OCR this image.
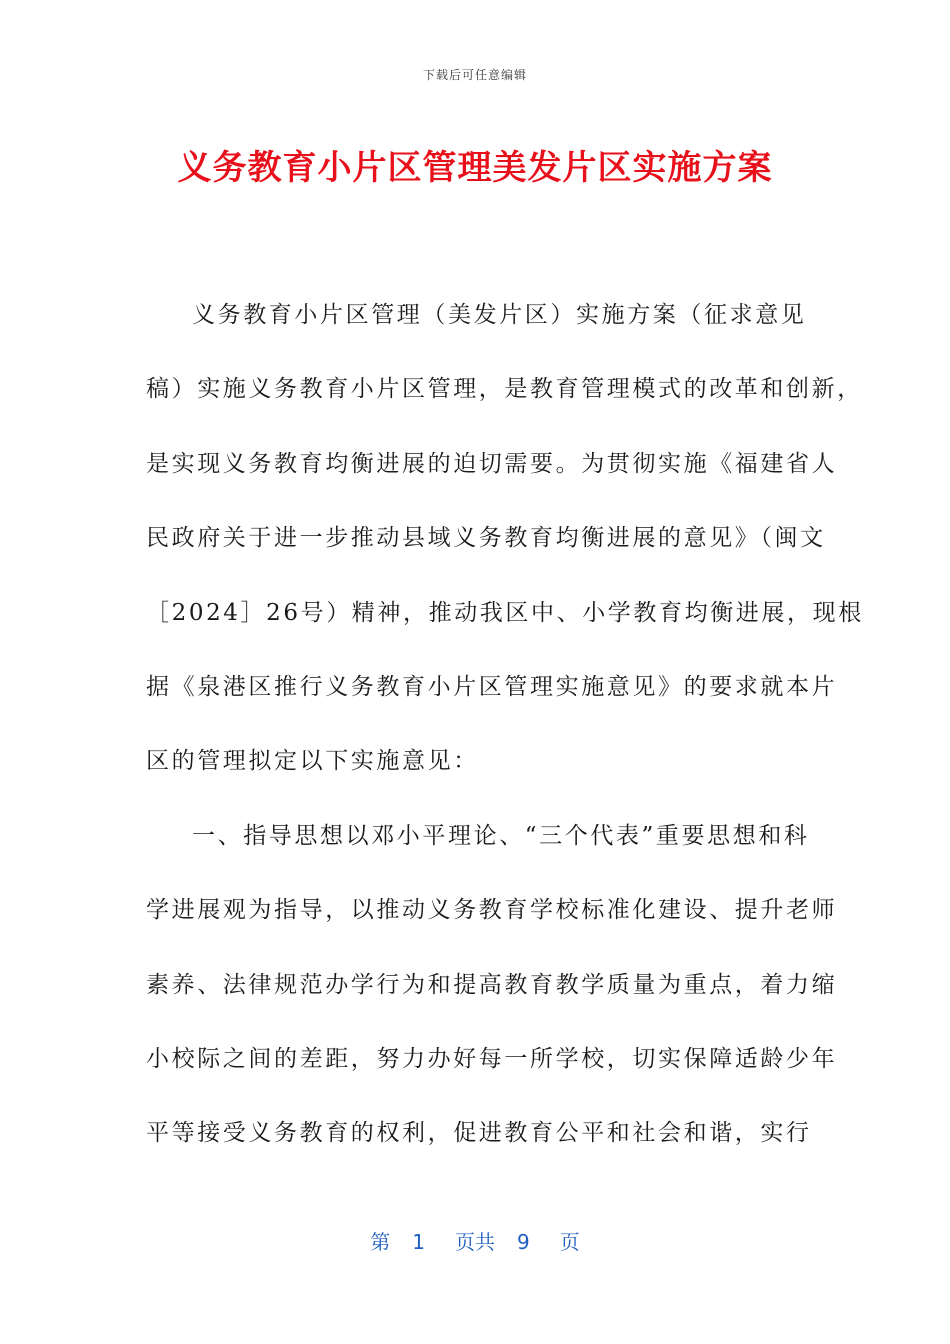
下载后可任意编辑
义务教育小片区管理美发片区实施方案

义务教育小片区管理（美发片区）实施方案（征求意见
稿）实施义务教育小片区管理，是教育管理模式的改革和创新，
是实现义务教育均衡进展的迫切需要。为贯彻实施《福建省人
民政府关于进一步推动县域义务教育均衡进展的意见》（闽文
［2024］26号）精神，推动我区中、小学教育均衡进展，现根
据《泉港区推行义务教育小片区管理实施意见》的要求就本片
区的管理拟定以下实施意见：

一、指导思想以邓小平理论、“三个代表”重要思想和科
学进展观为指导，以推动义务教育学校标准化建设、提升老师
素养、法律规范办学行为和提高教育教学质量为重点，着力缩
小校际之间的差距，努力办好每一所学校，切实保障适龄少年
平等接受义务教育的权利，促进教育公平和社会和谐，实行

第 1 页共 9 页
